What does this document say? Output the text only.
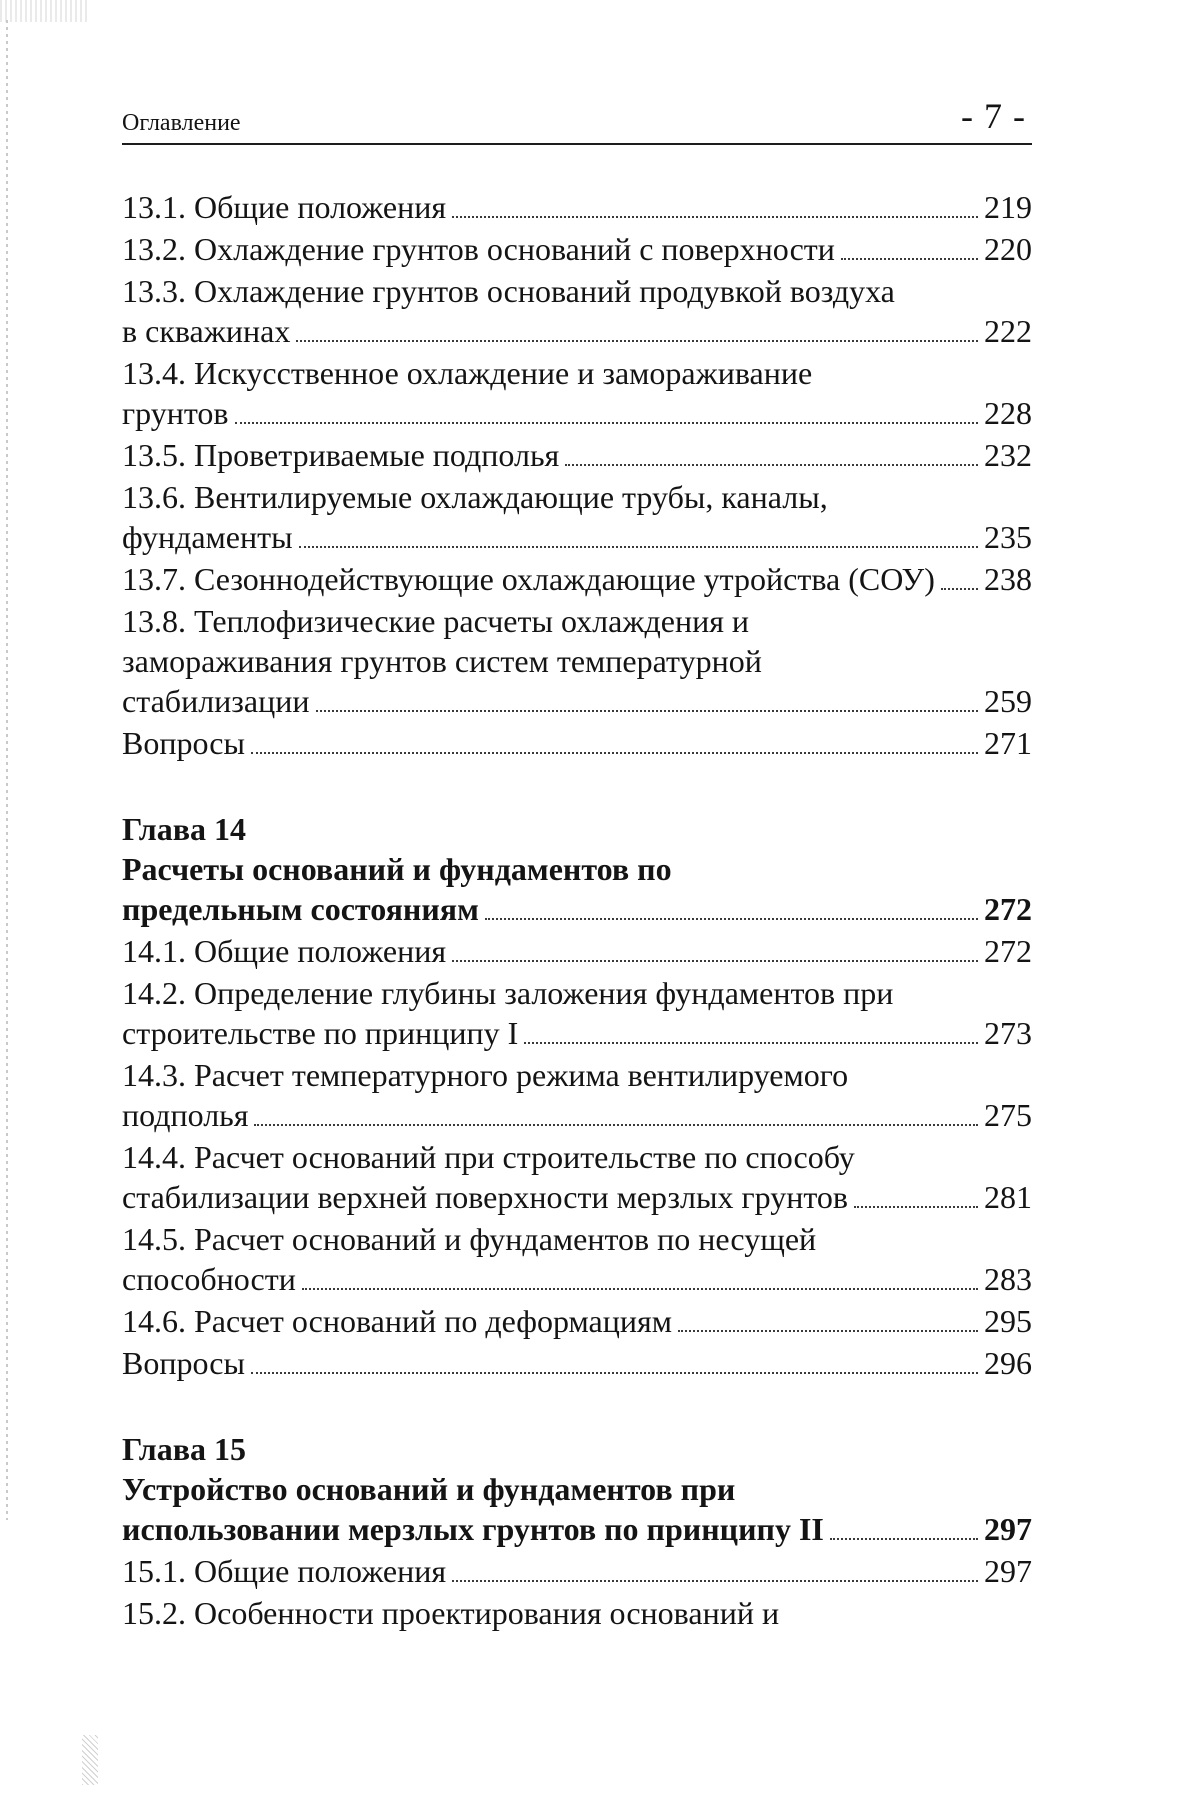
Оглавление	- 7 -
13.1. Общие положения	219
13.2. Охлаждение грунтов оснований с поверхности	220
13.3. Охлаждение грунтов оснований продувкой воздуха
в скважинах	222
13.4. Искусственное охлаждение и замораживание
грунтов	228
13.5. Проветриваемые подполья	232
13.6. Вентилируемые охлаждающие трубы, каналы,
фундаменты	235
13.7. Сезоннодействующие охлаждающие утройства (СОУ) 238
13.8. Теплофизические расчеты охлаждения и
замораживания грунтов систем температурной
стабилизации	259
Вопросы	271
Глава 14
Расчеты оснований и фундаментов по
предельным состояниям	272
14.1. Общие положения	272
14.2. Определение глубины заложения фундаментов при
строительстве по принципу I	273
14.3. Расчет температурного режима вентилируемого
подполья	275
14.4. Расчет оснований при строительстве по способу
стабилизации верхней поверхности мерзлых грунтов	281
14.5. Расчет оснований и фундаментов по несущей
способности	283
14.6. Расчет оснований по деформациям	295
Вопросы	296
Глава 15
Устройство оснований и фундаментов при
использовании мерзлых грунтов по принципу II	297
15.1. Общие положения	297
15.2. Особенности проектирования оснований и
